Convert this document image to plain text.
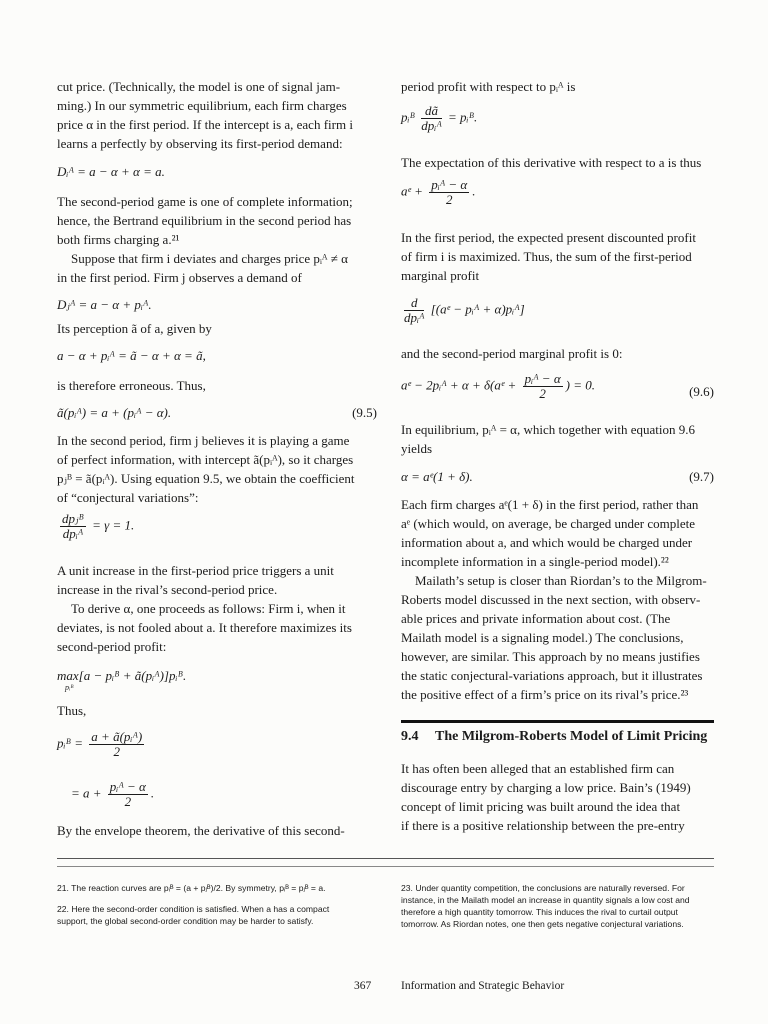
cut price. (Technically, the model is one of signal jam-

ming.) In our symmetric equilibrium, each firm charges

price α in the first period. If the intercept is a, each firm i

learns a perfectly by observing its first-period demand:

Dᵢᴬ = a − α + α = a.

The second-period game is one of complete information;

hence, the Bertrand equilibrium in the second period has

both firms charging a.²¹

Suppose that firm i deviates and charges price pᵢᴬ ≠ α

in the first period. Firm j observes a demand of

Dⱼᴬ = a − α + pᵢᴬ.

Its perception ã of a, given by

a − α + pᵢᴬ = ã − α + α = ã,

is therefore erroneous. Thus,

ã(pᵢᴬ) = a + (pᵢᴬ − α).	(9.5)

In the second period, firm j believes it is playing a game

of perfect information, with intercept ã(pᵢᴬ), so it charges

pⱼᴮ = ã(pᵢᴬ). Using equation 9.5, we obtain the coefficient

of “conjectural variations”:

$\frac{\text{dpⱼᴮ}}{\text{dpᵢᴬ}} = \gamma = 1$.

A unit increase in the first-period price triggers a unit

increase in the rival’s second-period price.

To derive α, one proceeds as follows: Firm i, when it

deviates, is not fooled about a. It therefore maximizes its

second-period profit:

max[a − pᵢᴮ + ã(pᵢᴬ)]pᵢᴮ.

pᵢᴮ

Thus,

pᵢᴮ = $\frac{\text{a + ã(pᵢᴬ)}}{2}$
= $a + \frac{\text{pᵢᴬ − α}}{2}$ .

By the envelope theorem, the derivative of this second-

period profit with respect to pᵢᴬ is

pᵢᴮ $\frac{dã}{\text{dpᵢᴬ}}$ = pᵢᴮ.

The expectation of this derivative with respect to a is thus

aᵉ + $\frac{\text{pᵢᴬ − α}}{2}$ .

In the first period, the expected present discounted profit

of firm i is maximized. Thus, the sum of the first-period

marginal profit

$\frac{d}{\text{dpᵢᴬ}}$ [(aᵉ − pᵢᴬ + α)pᵢᴬ]

and the second-period marginal profit is 0:

aᵉ − 2pᵢᴬ + α + δ(aᵉ + $\frac{\text{pᵢᴬ − α}}{2}$ ) = 0.	(9.6)

In equilibrium, pᵢᴬ = α, which together with equation 9.6

yields

α = aᵉ(1 + δ).	(9.7)

Each firm charges aᵉ(1 + δ) in the first period, rather than

aᵉ (which would, on average, be charged under complete

information about a, and which would be charged under

incomplete information in a single-period model).²²

Mailath’s setup is closer than Riordan’s to the Milgrom-

Roberts model discussed in the next section, with observ-

able prices and private information about cost. (The

Mailath model is a signaling model.) The conclusions,

however, are similar. This approach by no means justifies

the static conjectural-variations approach, but it illustrates

the positive effect of a firm’s price on its rival’s price.²³

9.4 The Milgrom-Roberts Model of Limit Pricing

It has often been alleged that an established firm can

discourage entry by charging a low price. Bain’s (1949)

concept of limit pricing was built around the idea that

if there is a positive relationship between the pre-entry

21. The reaction curves are pᵢᴮ = (a + pⱼᴮ)/2. By symmetry, pᵢᴮ = pⱼᴮ = a.

22. Here the second-order condition is satisfied. When a has a compact

support, the global second-order condition may be harder to satisfy.

23. Under quantity competition, the conclusions are naturally reversed. For

instance, in the Mailath model an increase in quantity signals a low cost and

therefore a high quantity tomorrow. This induces the rival to curtail output

tomorrow. As Riordan notes, one then gets negative conjectural variations.

367	Information and Strategic Behavior
